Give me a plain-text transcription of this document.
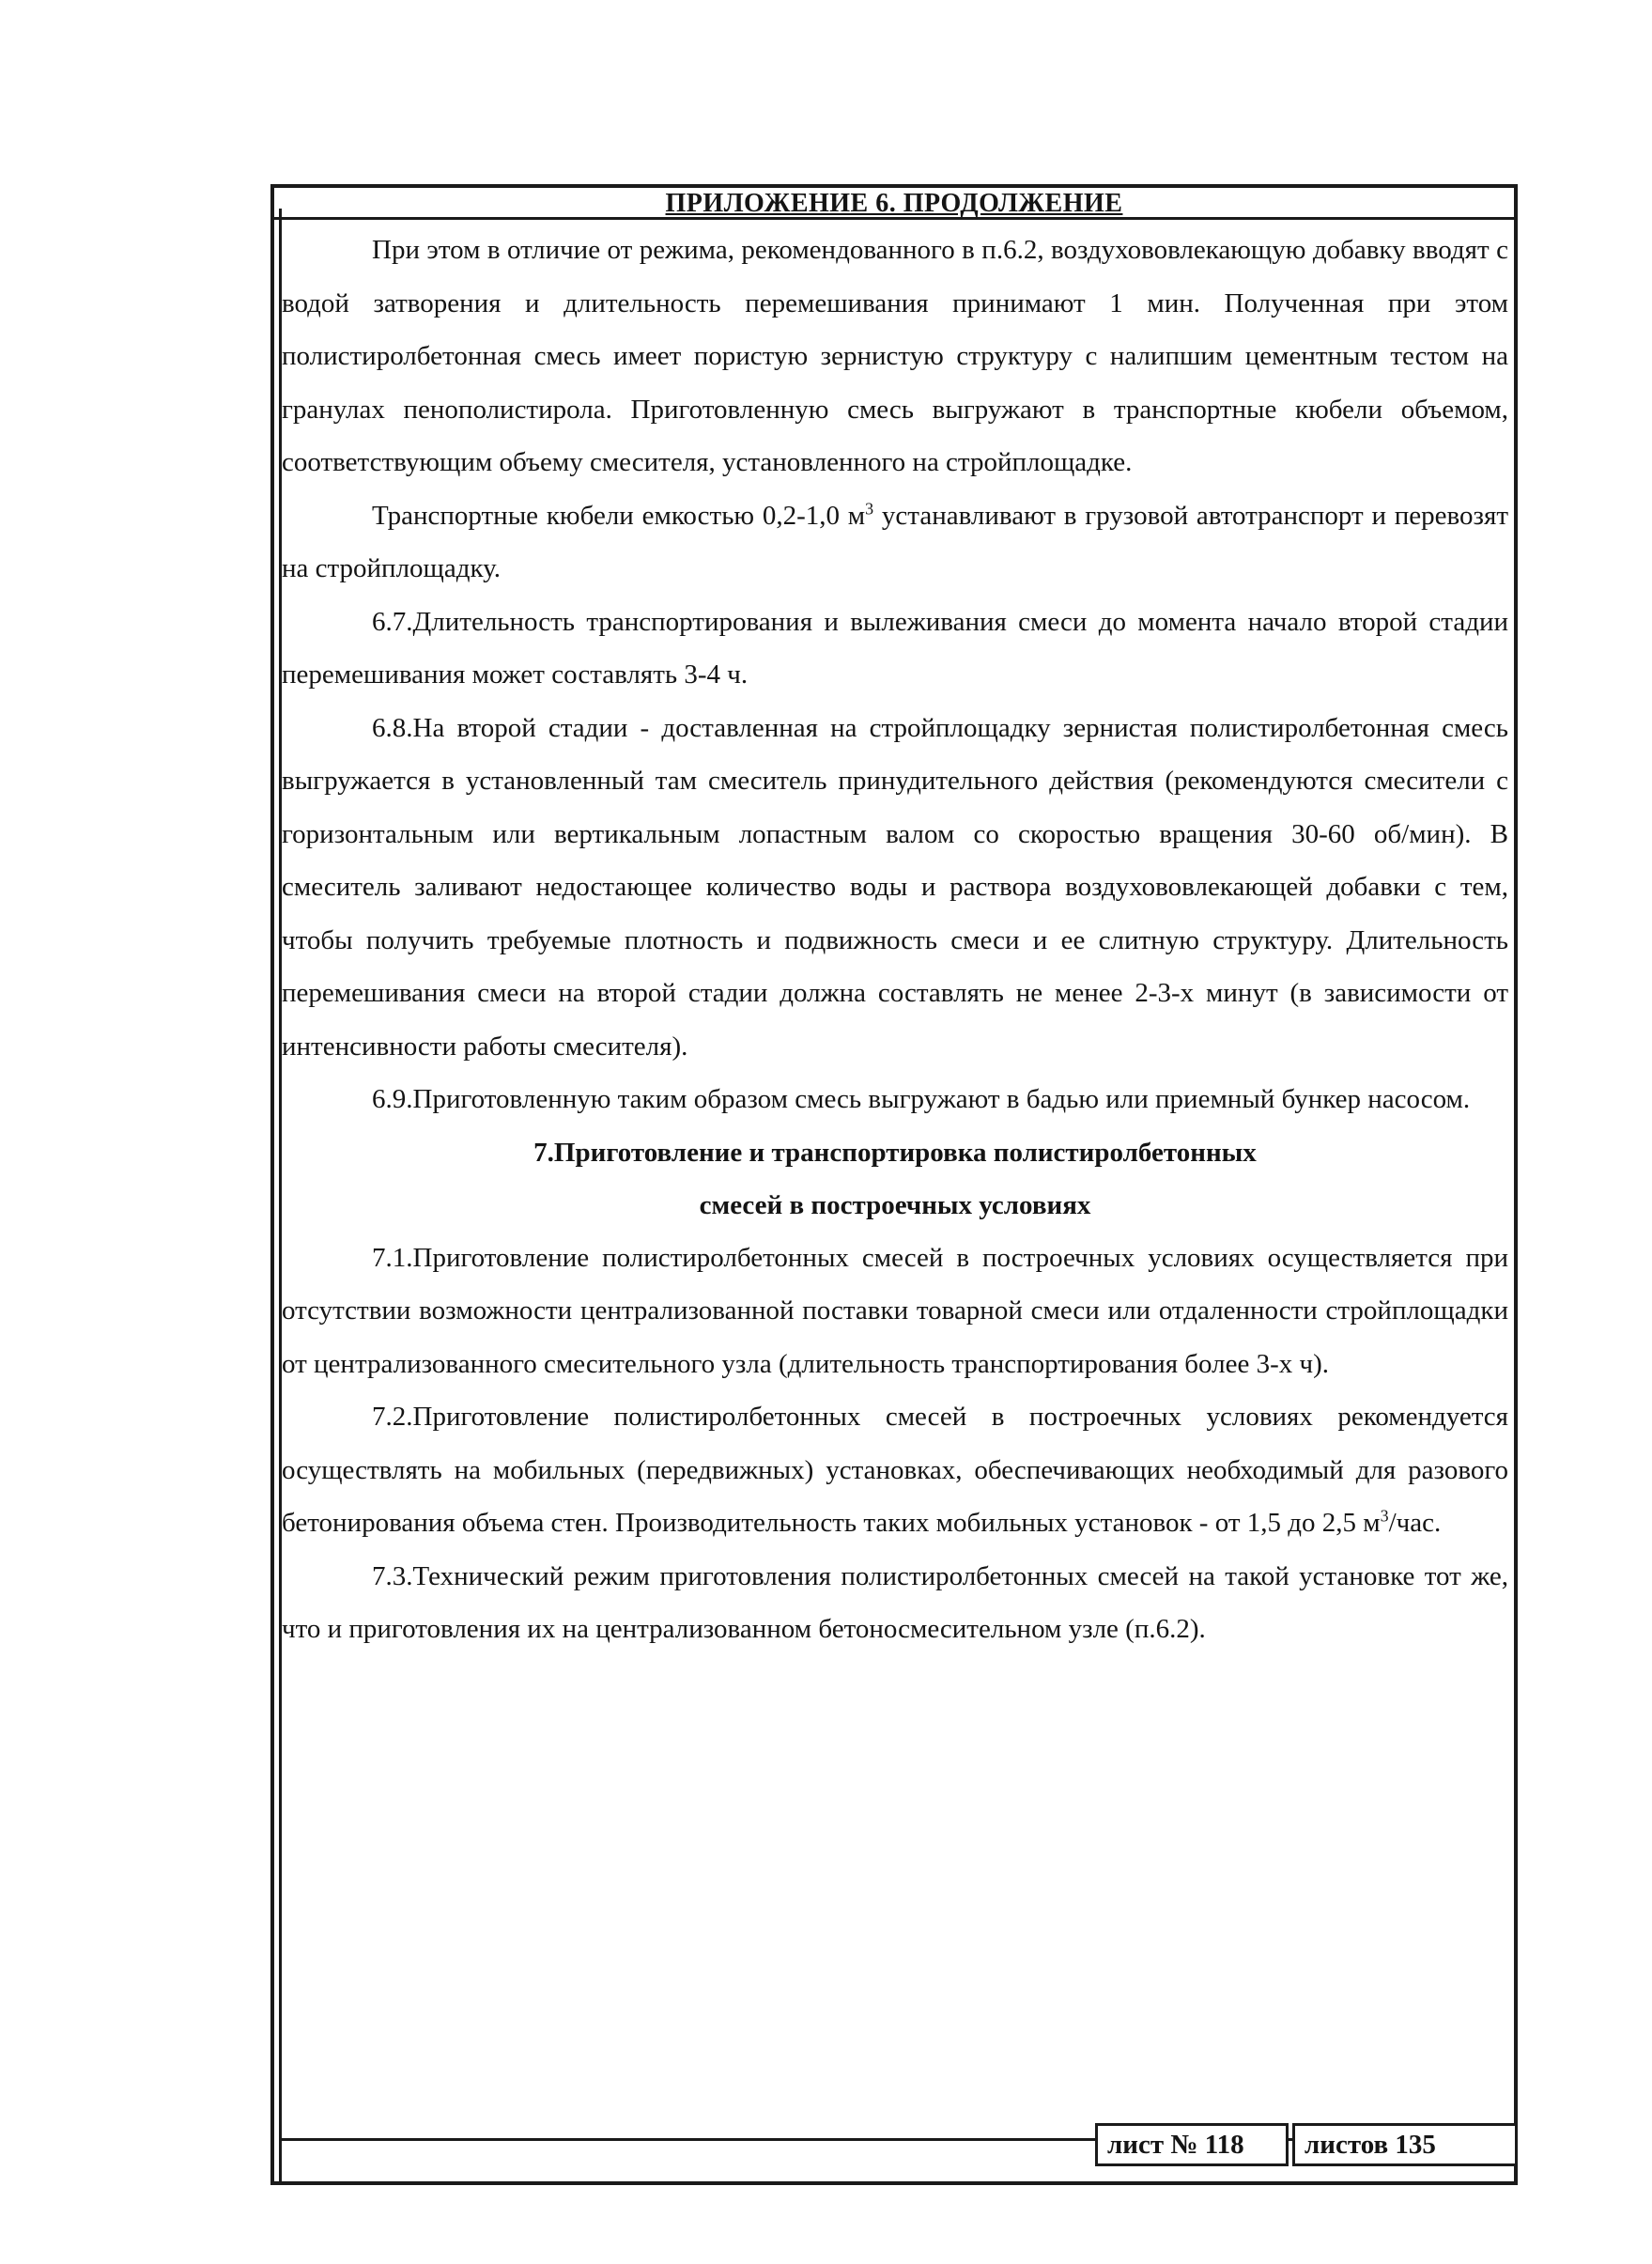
ПРИЛОЖЕНИЕ 6. ПРОДОЛЖЕНИЕ

При этом в отличие от режима, рекомендованного в п.6.2, воздухововлекающую добавку вводят с водой затворения и длительность перемешивания принимают 1 мин. Полученная при этом полистиролбетонная смесь имеет пористую зернистую структуру с налипшим цементным тестом на гранулах пенополистирола. Приготовленную смесь выгружают в транспортные кюбели объемом, соответствующим объему смесителя, установленного на стройплощадке.

Транспортные кюбели емкостью 0,2-1,0 $м^3$ устанавливают в грузовой автотранспорт и перевозят на стройплощадку.

6.7.Длительность транспортирования и вылеживания смеси до момента начало второй стадии перемешивания может составлять 3-4 ч.

6.8.На второй стадии - доставленная на стройплощадку зернистая полистиролбетонная смесь выгружается в установленный там смеситель принудительного действия (рекомендуются смесители с горизонтальным или вертикальным лопастным валом со скоростью вращения 30-60 об/мин). В смеситель заливают недостающее количество воды и раствора воздухововлекающей добавки с тем, чтобы получить требуемые плотность и подвижность смеси и ее слитную структуру. Длительность перемешивания смеси на второй стадии должна составлять не менее 2-3-х минут (в зависимости от интенсивности работы смесителя).

6.9.Приготовленную таким образом смесь выгружают в бадью или приемный бункер насосом.

7.Приготовление и транспортировка полистиролбетонных
смесей в построечных условиях

7.1.Приготовление полистиролбетонных смесей в построечных условиях осуществляется при отсутствии возможности централизованной поставки товарной смеси или отдаленности стройплощадки от централизованного смесительного узла (длительность транспортирования более 3-х ч).

7.2.Приготовление полистиролбетонных смесей в построечных условиях рекомендуется осуществлять на мобильных (передвижных) установках, обеспечивающих необходимый для разового бетонирования объема стен. Производительность таких мобильных установок - от 1,5 до 2,5 $м^3$/час.

7.3.Технический режим приготовления полистиролбетонных смесей на такой установке тот же, что и приготовления их на централизованном бетоносмесительном узле (п.6.2).

лист № 118	листов 135
